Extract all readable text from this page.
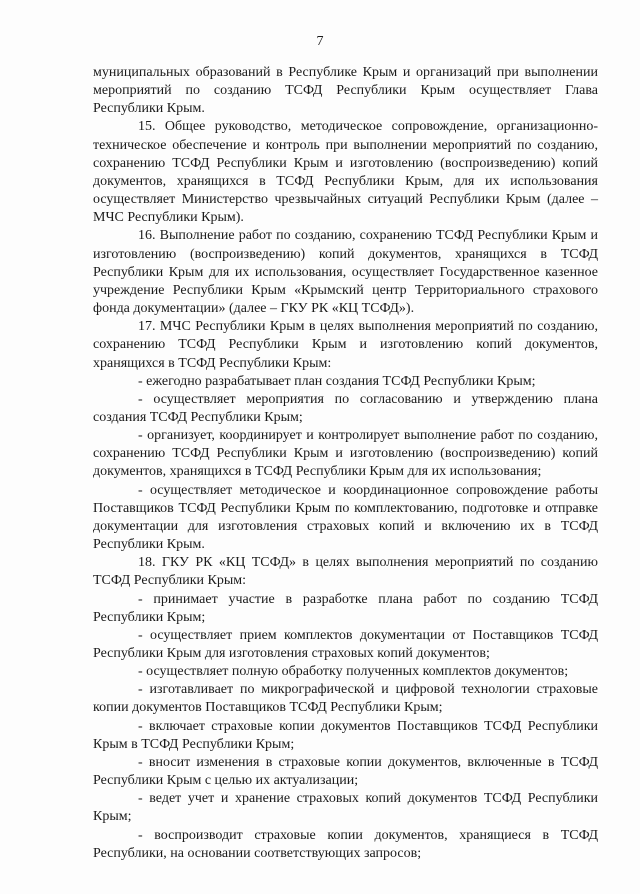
7

муниципальных образований в Республике Крым и организаций при выполнении мероприятий по созданию ТСФД Республики Крым осуществляет Глава Республики Крым.

15. Общее руководство, методическое сопровождение, организационно-техническое обеспечение и контроль при выполнении мероприятий по созданию, сохранению ТСФД Республики Крым и изготовлению (воспроизведению) копий документов, хранящихся в ТСФД Республики Крым, для их использования осуществляет Министерство чрезвычайных ситуаций Республики Крым (далее – МЧС Республики Крым).

16. Выполнение работ по созданию, сохранению ТСФД Республики Крым и изготовлению (воспроизведению) копий документов, хранящихся в ТСФД Республики Крым для их использования, осуществляет Государственное казенное учреждение Республики Крым «Крымский центр Территориального страхового фонда документации» (далее – ГКУ РК «КЦ ТСФД»).

17. МЧС Республики Крым в целях выполнения мероприятий по созданию, сохранению ТСФД Республики Крым и изготовлению копий документов, хранящихся в ТСФД Республики Крым:

- ежегодно разрабатывает план создания ТСФД Республики Крым;

- осуществляет мероприятия по согласованию и утверждению плана создания ТСФД Республики Крым;

- организует, координирует и контролирует выполнение работ по созданию, сохранению ТСФД Республики Крым и изготовлению (воспроизведению) копий документов, хранящихся в ТСФД Республики Крым для их использования;

- осуществляет методическое и координационное сопровождение работы Поставщиков ТСФД Республики Крым по комплектованию, подготовке и отправке документации для изготовления страховых копий и включению их в ТСФД Республики Крым.

18. ГКУ РК «КЦ ТСФД» в целях выполнения мероприятий по созданию ТСФД Республики Крым:

- принимает участие в разработке плана работ по созданию ТСФД Республики Крым;

- осуществляет прием комплектов документации от Поставщиков ТСФД Республики Крым для изготовления страховых копий документов;

- осуществляет полную обработку полученных комплектов документов;

- изготавливает по микрографической и цифровой технологии страховые копии документов Поставщиков ТСФД Республики Крым;

- включает страховые копии документов Поставщиков ТСФД Республики Крым в ТСФД Республики Крым;

- вносит изменения в страховые копии документов, включенные в ТСФД Республики Крым с целью их актуализации;

- ведет учет и хранение страховых копий документов ТСФД Республики Крым;

- воспроизводит страховые копии документов, хранящиеся в ТСФД Республики, на основании соответствующих запросов;
